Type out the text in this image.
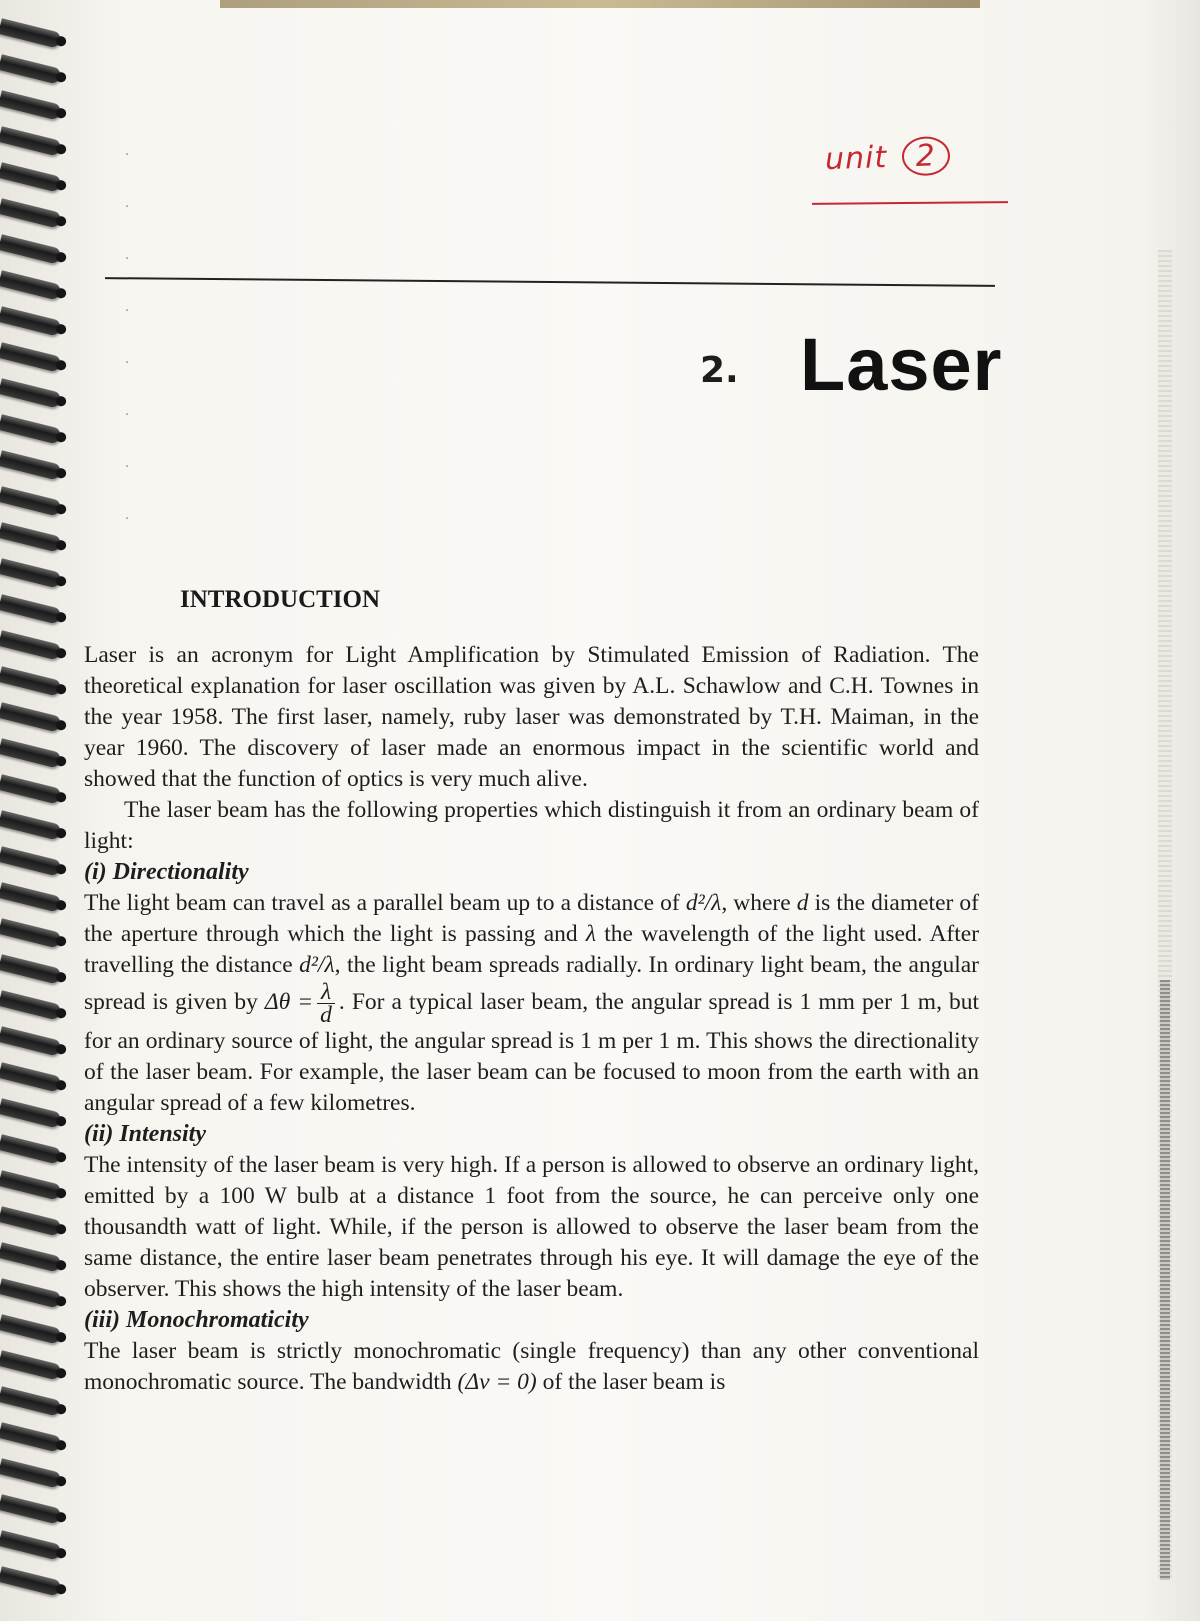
·
·
·
·
·
·
·
·
unit 2
2. Laser
INTRODUCTION

Laser is an acronym for Light Amplification by Stimulated Emission of Radiation. The theoretical explanation for laser oscillation was given by A.L. Schawlow and C.H. Townes in the year 1958. The first laser, namely, ruby laser was demonstrated by T.H. Maiman, in the year 1960. The discovery of laser made an enormous impact in the scientific world and showed that the function of optics is very much alive.

The laser beam has the following properties which distinguish it from an ordinary beam of light:

(i) Directionality

The light beam can travel as a parallel beam up to a distance of d²/λ, where d is the diameter of the aperture through which the light is passing and λ the wavelength of the light used. After travelling the distance d²/λ, the light beam spreads radially. In ordinary light beam, the angular spread is given by $\Delta\theta = \frac{\lambda}{d}$ . For a typical laser beam, the angular spread is 1 mm per 1 m, but for an ordinary source of light, the angular spread is 1 m per 1 m. This shows the directionality of the laser beam. For example, the laser beam can be focused to moon from the earth with an angular spread of a few kilometres.

(ii) Intensity

The intensity of the laser beam is very high. If a person is allowed to observe an ordinary light, emitted by a 100 W bulb at a distance 1 foot from the source, he can perceive only one thousandth watt of light. While, if the person is allowed to observe the laser beam from the same distance, the entire laser beam penetrates through his eye. It will damage the eye of the observer. This shows the high intensity of the laser beam.

(iii) Monochromaticity

The laser beam is strictly monochromatic (single frequency) than any other conventional monochromatic source. The bandwidth (Δν = 0) of the laser beam is
